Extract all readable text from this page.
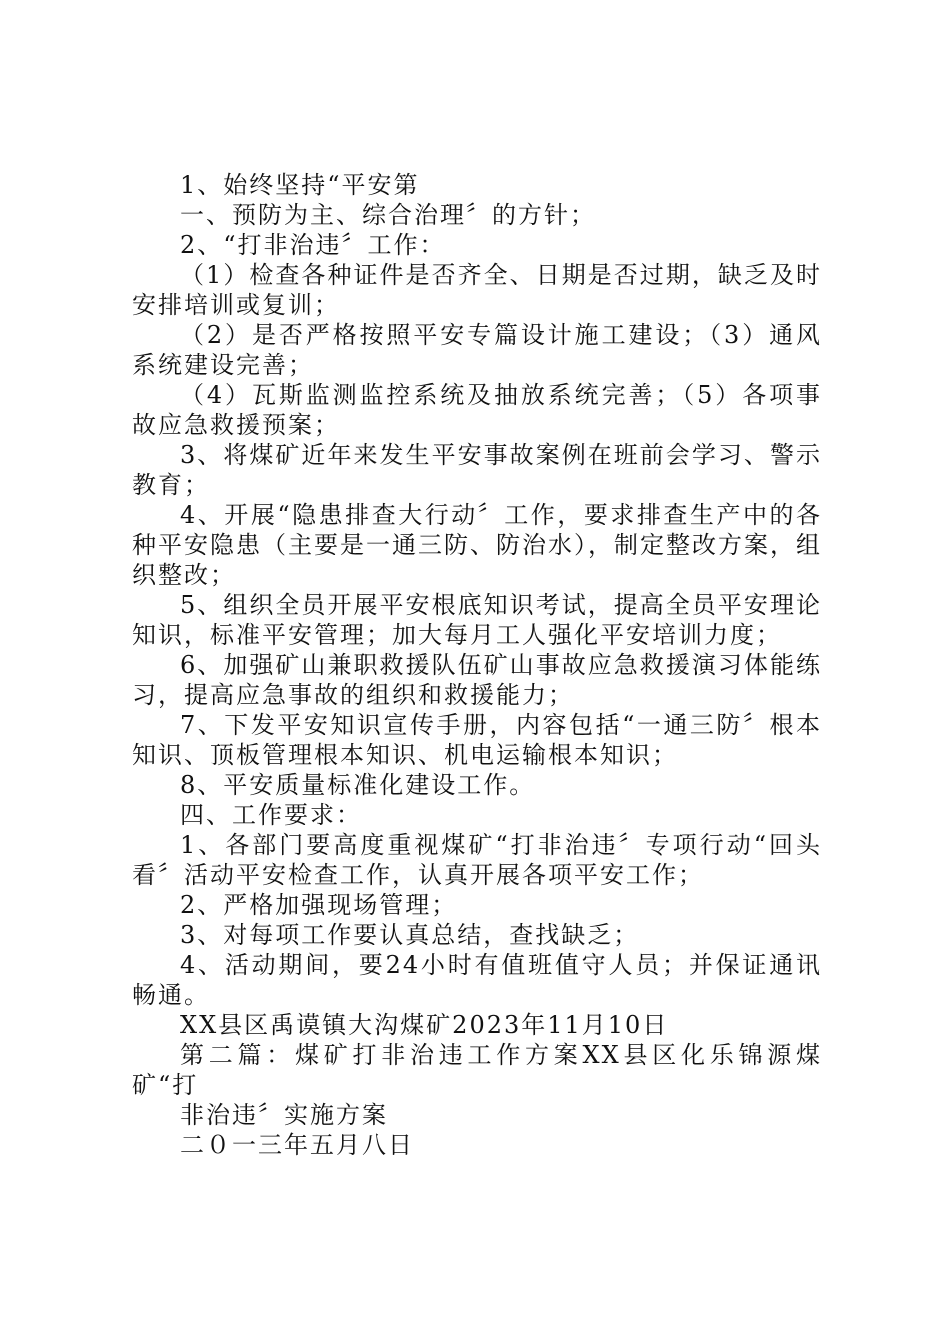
1、始终坚持“平安第

一、预防为主、综合治理〞的方针；

2、“打非治违〞工作：

（1）检查各种证件是否齐全、日期是否过期，缺乏及时安排培训或复训；

（2）是否严格按照平安专篇设计施工建设；（3）通风系统建设完善；

（4）瓦斯监测监控系统及抽放系统完善；（5）各项事故应急救援预案；

3、将煤矿近年来发生平安事故案例在班前会学习、警示教育；

4、开展“隐患排查大行动〞工作，要求排查生产中的各种平安隐患（主要是一通三防、防治水），制定整改方案，组织整改；

5、组织全员开展平安根底知识考试，提高全员平安理论知识，标准平安管理；加大每月工人强化平安培训力度；

6、加强矿山兼职救援队伍矿山事故应急救援演习体能练习，提高应急事故的组织和救援能力；

7、下发平安知识宣传手册，内容包括“一通三防〞根本知识、顶板管理根本知识、机电运输根本知识；

8、平安质量标准化建设工作。

四、工作要求：

1、各部门要高度重视煤矿“打非治违〞专项行动“回头看〞活动平安检查工作，认真开展各项平安工作；

2、严格加强现场管理；

3、对每项工作要认真总结，查找缺乏；

4、活动期间，要24小时有值班值守人员；并保证通讯畅通。

XX县区禹谟镇大沟煤矿2023年11月10日

第二篇：煤矿打非治违工作方案XX县区化乐锦源煤矿“打

非治违〞实施方案

二０一三年五月八日
